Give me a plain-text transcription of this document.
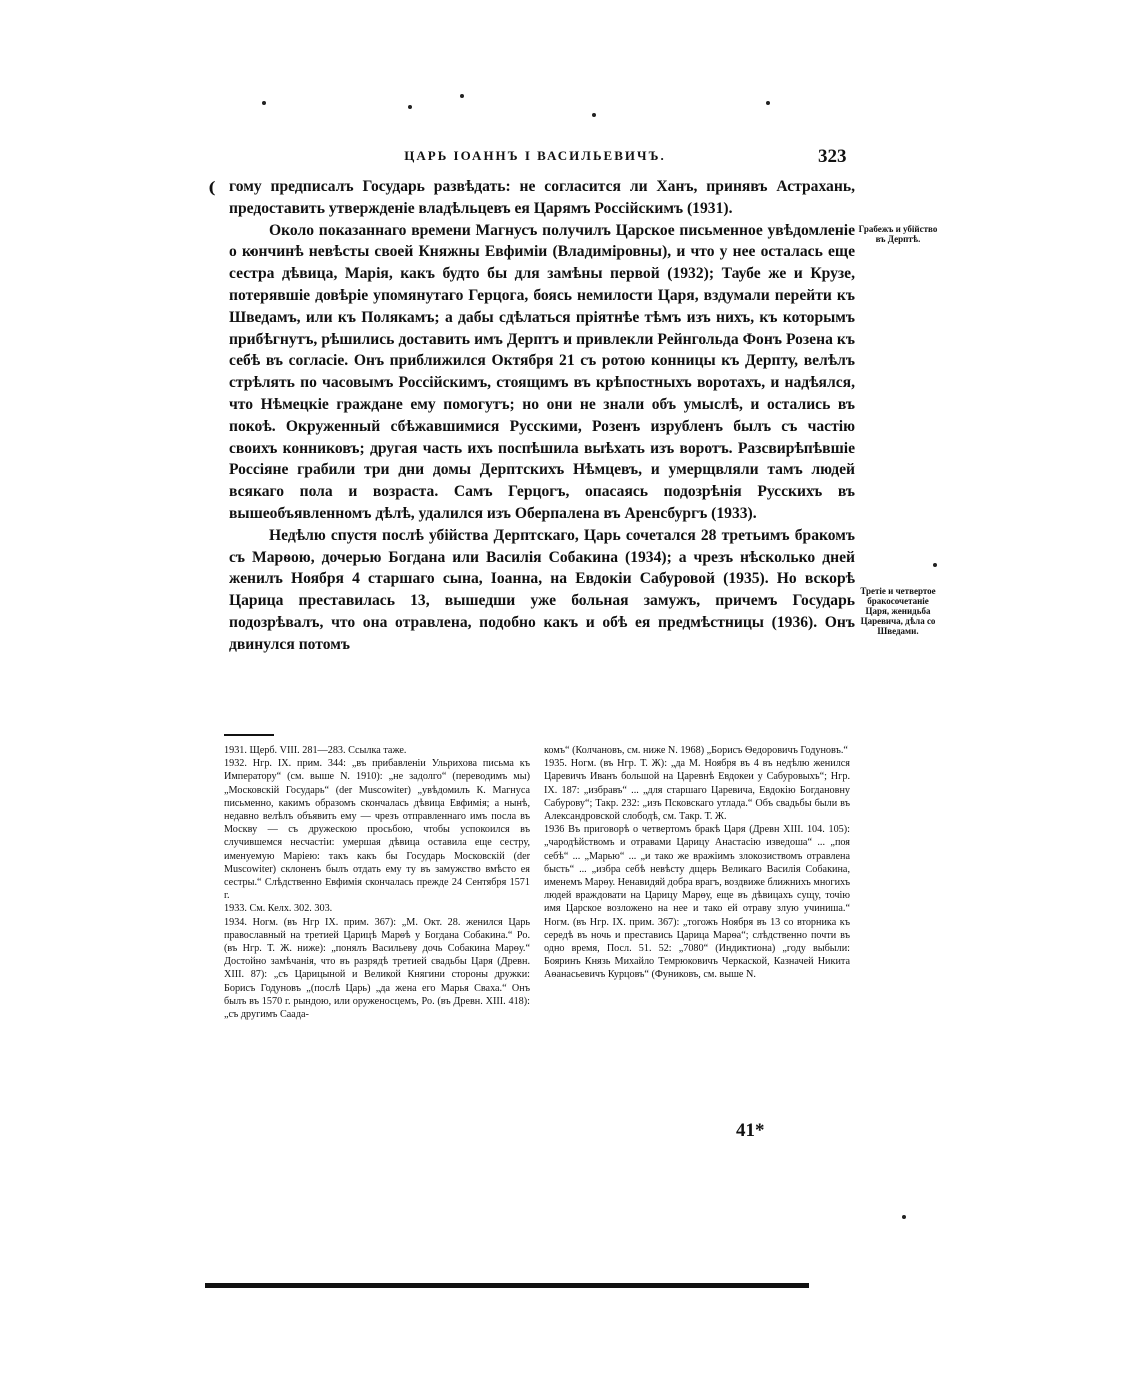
ЦАРЬ ІОАННЪ І ВАСИЛЬЕВИЧЪ.	323
( гому предписалъ Государь развѣдать: не согласится ли Ханъ, принявъ Астрахань, предоставить утвержденіе владѣльцевъ ея Царямъ Россійскимъ (1931).

Около показаннаго времени Магнусъ получилъ Царское письменное увѣдомленіе о кончинѣ невѣсты своей Княжны Евфиміи (Владиміровны), и что у нее осталась еще сестра дѣвица, Марія, какъ будто бы для замѣны первой (1932); Таубе же и Крузе, потерявшіе довѣріе упомянутаго Герцога, боясь немилости Царя, вздумали перейти къ Шведамъ, или къ Полякамъ; а дабы сдѣлаться пріятнѣе тѣмъ изъ нихъ, къ которымъ прибѣгнутъ, рѣшились доставить имъ Дерптъ и привлекли Рейнгольда Фонъ Розена къ себѣ въ согласіе. Онъ приближился Октября 21 съ ротою конницы къ Дерпту, велѣлъ стрѣлять по часовымъ Россійскимъ, стоящимъ въ крѣпостныхъ воротахъ, и надѣялся, что Нѣмецкіе граждане ему помогутъ; но они не знали объ умыслѣ, и остались въ покоѣ. Окруженный сбѣжавшимися Русскими, Розенъ изрубленъ былъ съ частію своихъ конниковъ; другая часть ихъ поспѣшила выѣхать изъ воротъ. Разсвирѣпѣвшіе Россіяне грабили три дни домы Дерптскихъ Нѣмцевъ, и умерщвляли тамъ людей всякаго пола и возраста. Самъ Герцогъ, опасаясь подозрѣнія Русскихъ въ вышеобъявленномъ дѣлѣ, удалился изъ Оберпалена въ Аренсбургъ (1933).

Недѣлю спустя послѣ убійства Дерптскаго, Царь сочетался 28 третьимъ бракомъ съ Марѳою, дочерью Богдана или Василія Собакина (1934); а чрезъ нѣсколько дней женилъ Ноября 4 старшаго сына, Іоанна, на Евдокіи Сабуровой (1935). Но вскорѣ Царица преставилась 13, вышедши уже больная замужъ, причемъ Государь подозрѣвалъ, что она отравлена, подобно какъ и обѣ ея предмѣстницы (1936). Онъ двинулся потомъ

Грабежъ и убійство въ Дерптѣ.
Третіе и четвертое бракосочетаніе Царя, женидьба Царевича, дѣла со Шведами.

1931. Щерб. VIII. 281—283. Ссылка таже.

1932. Нгр. IX. прим. 344: „въ прибавленіи Ульрихова письма къ Императору“ (см. выше N. 1910): „не задолго“ (переводимъ мы) „Московскій Государь“ (der Muscowiter) „увѣдомилъ К. Магнуса письменно, какимъ образомъ скончалась дѣвица Евфимія; а нынѣ, недавно велѣлъ объявить ему — чрезъ отправленнаго имъ посла въ Москву — съ дружескою просьбою, чтобы успокоился въ случившемся несчастіи: умершая дѣвица оставила еще сестру, именуемую Маріею: такъ какъ бы Государь Московскій (der Muscowiter) склоненъ былъ отдать ему ту въ замужство вмѣсто ея сестры.“ Слѣдственно Евфимія скончалась прежде 24 Сентября 1571 г.

1933. См. Келх. 302. 303.

1934. Ногм. (въ Нгр IX. прим. 367): „М. Окт. 28. женился Царь православный на третией Царицѣ Марѳѣ у Богдана Собакина.“ Ро. (въ Нгр. Т. Ж. ниже): „понялъ Васильеву дочь Собакина Марѳу.“ Достойно замѣчанія, что въ разрядѣ третией свадьбы Царя (Древн. XIII. 87): „съ Царицыной и Великой Княгини стороны дружки: Борисъ Годуновъ „(послѣ Царь) „да жена его Марья Сваха.“ Онъ былъ въ 1570 г. рындою, или оруженосцемъ, Ро. (въ Древн. XIII. 418): „съ другимъ Саада-

комъ“ (Колчановъ, см. ниже N. 1968) „Борисъ Ѳедоровичъ Годуновъ.“

1935. Ногм. (въ Нгр. Т. Ж): „да М. Ноября въ 4 въ недѣлю женился Царевичъ Иванъ большой на Царевнѣ Евдокеи у Сабуровыхъ“; Нгр. IX. 187: „избравъ“ ... „для старшаго Царевича, Евдокію Богдановну Сабурову“; Такр. 232: „изъ Псковскаго утлада.“ Объ свадьбы были въ Александровской слободѣ, см. Такр. Т. Ж.

1936 Въ приговорѣ о четвертомъ бракѣ Царя (Древн XIII. 104. 105): „чародѣйствомъ и отравами Царицу Анастасію изведоша“ ... „поя себѣ“ ... „Марью“ ... „и тако же вражіимъ злокозиствомъ отравлена бысть“ ... „избра себѣ невѣсту дщерь Великаго Василія Собакина, именемъ Марѳу. Ненавидяй добра врагъ, воздвиже ближнихъ многихъ людей враждовати на Царицу Марѳу, еще въ дѣвицахъ сущу, точію имя Царское возложено на нее и тако ей отраву злую учиниша.“ Ногм. (въ Нгр. IX. прим. 367): „тогожъ Ноября въ 13 со вторника къ середѣ въ ночь и преставись Царица Марѳа“; слѣдственно почти въ одно время, Посл. 51. 52: „7080“ (Индиктиона) „году выбыли: Бояринъ Князь Михайло Темрюковичъ Черкаской, Казначей Никита Аѳанасьевичъ Курцовъ“ (Фуниковъ, см. выше N.

41*
